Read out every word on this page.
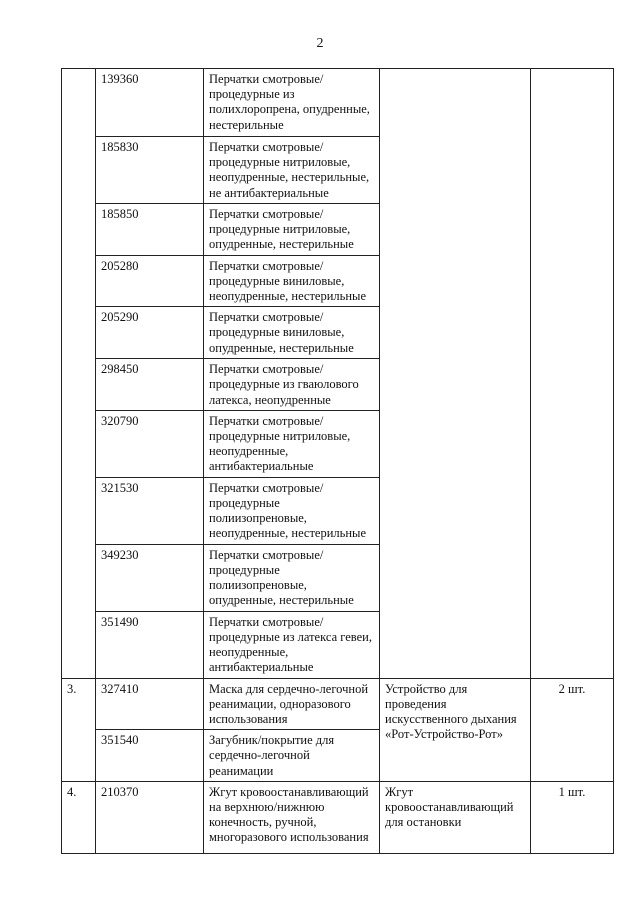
2
	139360	Перчатки смотровые/ процедурные из полихлоропрена, опудренные, нестерильные		
	185830	Перчатки смотровые/ процедурные нитриловые, неопудренные, нестерильные, не антибактериальные		
	185850	Перчатки смотровые/ процедурные нитриловые, опудренные, нестерильные		
	205280	Перчатки смотровые/ процедурные виниловые, неопудренные, нестерильные		
	205290	Перчатки смотровые/ процедурные виниловые, опудренные, нестерильные		
	298450	Перчатки смотровые/ процедурные из гваюлового латекса, неопудренные		
	320790	Перчатки смотровые/ процедурные нитриловые, неопудренные, антибактериальные		
	321530	Перчатки смотровые/ процедурные полиизопреновые, неопудренные, нестерильные		
	349230	Перчатки смотровые/ процедурные полиизопреновые, опудренные, нестерильные		
	351490	Перчатки смотровые/ процедурные из латекса гевеи, неопудренные, антибактериальные		
3.	327410	Маска для сердечно-легочной реанимации, одноразового использования	Устройство для проведения искусственного дыхания «Рот-Устройство-Рот»	2 шт.
	351540	Загубник/покрытие для сердечно-легочной реанимации		
4.	210370	Жгут кровоостанавливающий на верхнюю/нижнюю конечность, ручной, многоразового использования	Жгут кровоостанавливающий для остановки	1 шт.
